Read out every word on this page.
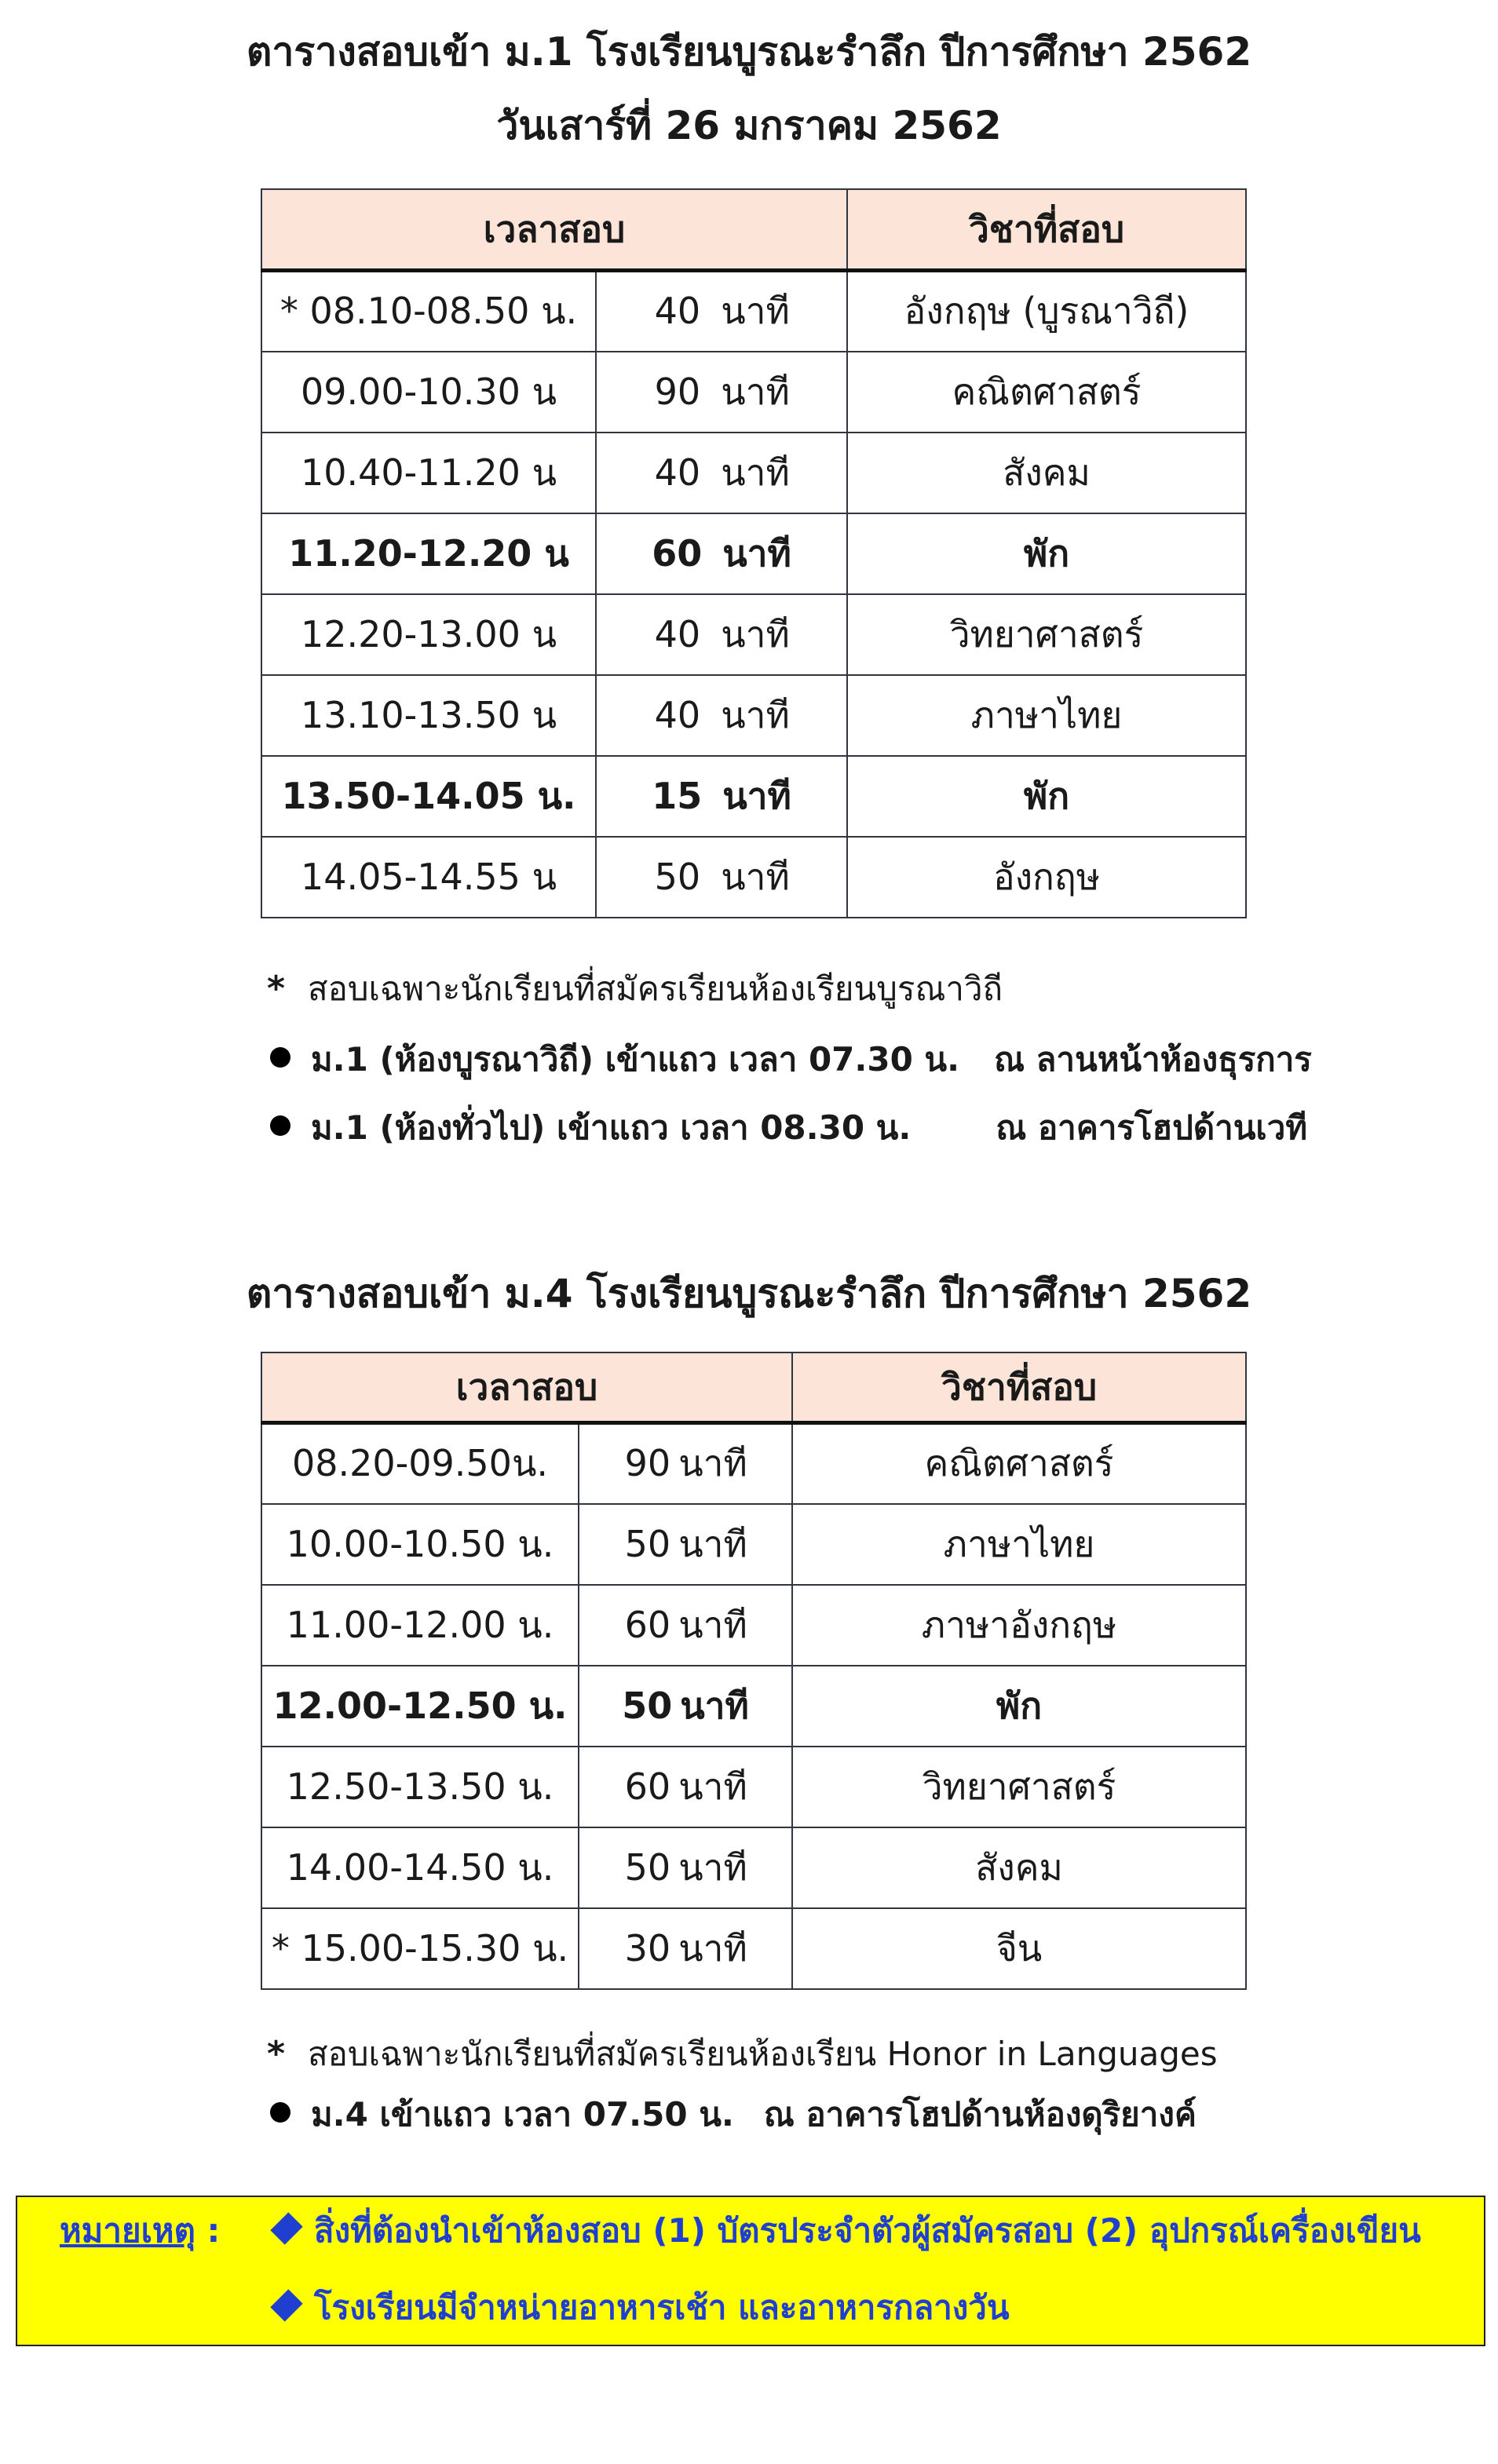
ตารางสอบเข้า ม.1 โรงเรียนบูรณะรำลึก ปีการศึกษา 2562
วันเสาร์ที่ 26 มกราคม 2562
เวลาสอบ		วิชาที่สอบ
* 08.10-08.50 น.	40 นาที	อังกฤษ (บูรณาวิถี)
09.00-10.30 น	90 นาที	คณิตศาสตร์
10.40-11.20 น	40 นาที	สังคม
11.20-12.20 น	60 นาที	พัก
12.20-13.00 น	40 นาที	วิทยาศาสตร์
13.10-13.50 น	40 นาที	ภาษาไทย
13.50-14.05 น.	15 นาที	พัก
14.05-14.55 น	50 นาที	อังกฤษ
* สอบเฉพาะนักเรียนที่สมัครเรียนห้องเรียนบูรณาวิถี
ม.1 (ห้องบูรณาวิถี) เข้าแถว เวลา 07.30 น. ณ ลานหน้าห้องธุรการ
ม.1 (ห้องทั่วไป) เข้าแถว เวลา 08.30 น.	ณ อาคารโฮปด้านเวที
ตารางสอบเข้า ม.4 โรงเรียนบูรณะรำลึก ปีการศึกษา 2562
เวลาสอบ		วิชาที่สอบ
08.20-09.50น.	90 นาที	คณิตศาสตร์
10.00-10.50 น.	50 นาที	ภาษาไทย
11.00-12.00 น.	60 นาที	ภาษาอังกฤษ
12.00-12.50 น.	50 นาที	พัก
12.50-13.50 น.	60 นาที	วิทยาศาสตร์
14.00-14.50 น.	50 นาที	สังคม
* 15.00-15.30 น.	30 นาที	จีน
* สอบเฉพาะนักเรียนที่สมัครเรียนห้องเรียน Honor in Languages
ม.4 เข้าแถว เวลา 07.50 น. ณ อาคารโฮปด้านห้องดุริยางค์
หมายเหตุ :	สิ่งที่ต้องนำเข้าห้องสอบ (1) บัตรประจำตัวผู้สมัครสอบ (2) อุปกรณ์เครื่องเขียน
โรงเรียนมีจำหน่ายอาหารเช้า และอาหารกลางวัน
